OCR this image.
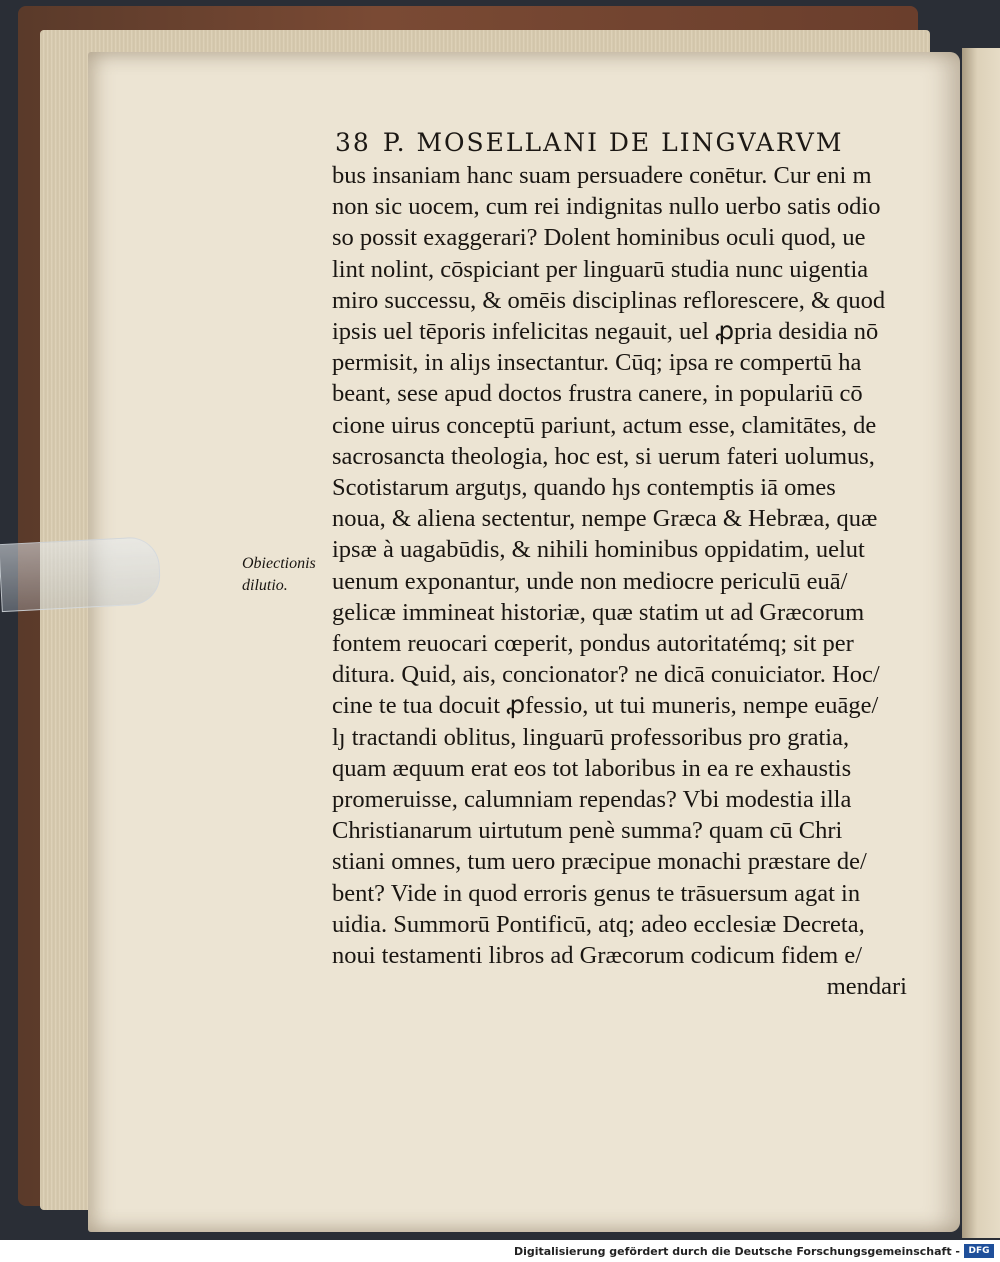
38 P. MOSELLANI DE LINGVARVM
bus insaniam hanc suam persuadere conētur. Cur eni m
non sic uocem, cum rei indignitas nullo uerbo satis odio
so possit exaggerari? Dolent hominibus oculi quod, ue
lint nolint, cōspiciant per linguarū studia nunc uigentia
miro successu, & omēis disciplinas reflorescere, & quod
ipsis uel tēporis infelicitas negauit, uel ꝓpria desidia nō
permisit, in aliȷs insectantur. Cūq; ipsa re compertū ha
beant, sese apud doctos frustra canere, in populariū cō
cione uirus conceptū pariunt, actum esse, clamitātes, de
sacrosancta theologia, hoc est, si uerum fateri uolumus,
Scotistarum argutȷs, quando hȷs contemptis iā omes
noua, & aliena sectentur, nempe Græca & Hebræa, quæ
ipsæ à uagabūdis, & nihili hominibus oppidatim, uelut
uenum exponantur, unde non mediocre periculū euā/
gelicæ immineat historiæ, quæ statim ut ad Græcorum
fontem reuocari cœperit, pondus autoritatémq; sit per
ditura. Quid, ais, concionator? ne dicā conuiciator. Hoc/
cine te tua docuit ꝓfessio, ut tui muneris, nempe euāge/
lȷ tractandi oblitus, linguarū professoribus pro gratia,
quam æquum erat eos tot laboribus in ea re exhaustis
promeruisse, calumniam rependas? Vbi modestia illa
Christianarum uirtutum penè summa? quam cū Chri
stiani omnes, tum uero præcipue monachi præstare de/
bent? Vide in quod erroris genus te trāsuersum agat in
uidia. Summorū Pontificū, atq; adeo ecclesiæ Decreta,
noui testamenti libros ad Græcorum codicum fidem e/
mendari
Obiectionis
dilutio.
Digitalisierung gefördert durch die Deutsche Forschungsgemeinschaft - DFG
